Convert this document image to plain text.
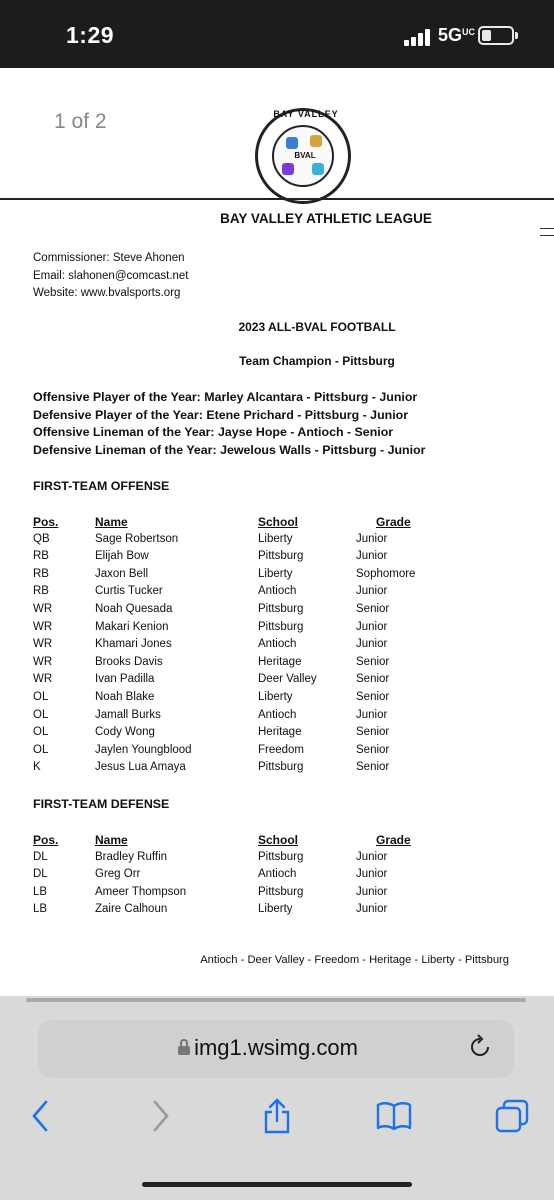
1:29	$5G^{UC}$
1 of 2	BAY VALLEY
BVAL
BAY VALLEY ATHLETIC LEAGUE
Commissioner: Steve Ahonen
Email: slahonen@comcast.net
Website: www.bvalsports.org
2023 ALL-BVAL FOOTBALL
Team Champion - Pittsburg
Offensive Player of the Year: Marley Alcantara - Pittsburg - Junior
Defensive Player of the Year: Etene Prichard - Pittsburg - Junior
Offensive Lineman of the Year: Jayse Hope - Antioch - Senior
Defensive Lineman of the Year: Jewelous Walls - Pittsburg - Junior
FIRST-TEAM OFFENSE
Pos.	Name	School	Grade
QB	Sage Robertson	Liberty	Junior
RB	Elijah Bow	Pittsburg	Junior
RB	Jaxon Bell	Liberty	Sophomore
RB	Curtis Tucker	Antioch	Junior
WR	Noah Quesada	Pittsburg	Senior
WR	Makari Kenion	Pittsburg	Junior
WR	Khamari Jones	Antioch	Junior
WR	Brooks Davis	Heritage	Senior
WR	Ivan Padilla	Deer Valley	Senior
OL	Noah Blake	Liberty	Senior
OL	Jamall Burks	Antioch	Junior
OL	Cody Wong	Heritage	Senior
OL	Jaylen Youngblood	Freedom	Senior
K	Jesus Lua Amaya	Pittsburg	Senior
FIRST-TEAM DEFENSE
Pos.	Name	School	Grade
DL	Bradley Ruffin	Pittsburg	Junior
DL	Greg Orr	Antioch	Junior
LB	Ameer Thompson	Pittsburg	Junior
LB	Zaire Calhoun	Liberty	Junior
Antioch - Deer Valley - Freedom - Heritage - Liberty - Pittsburg
img1.wsimg.com
